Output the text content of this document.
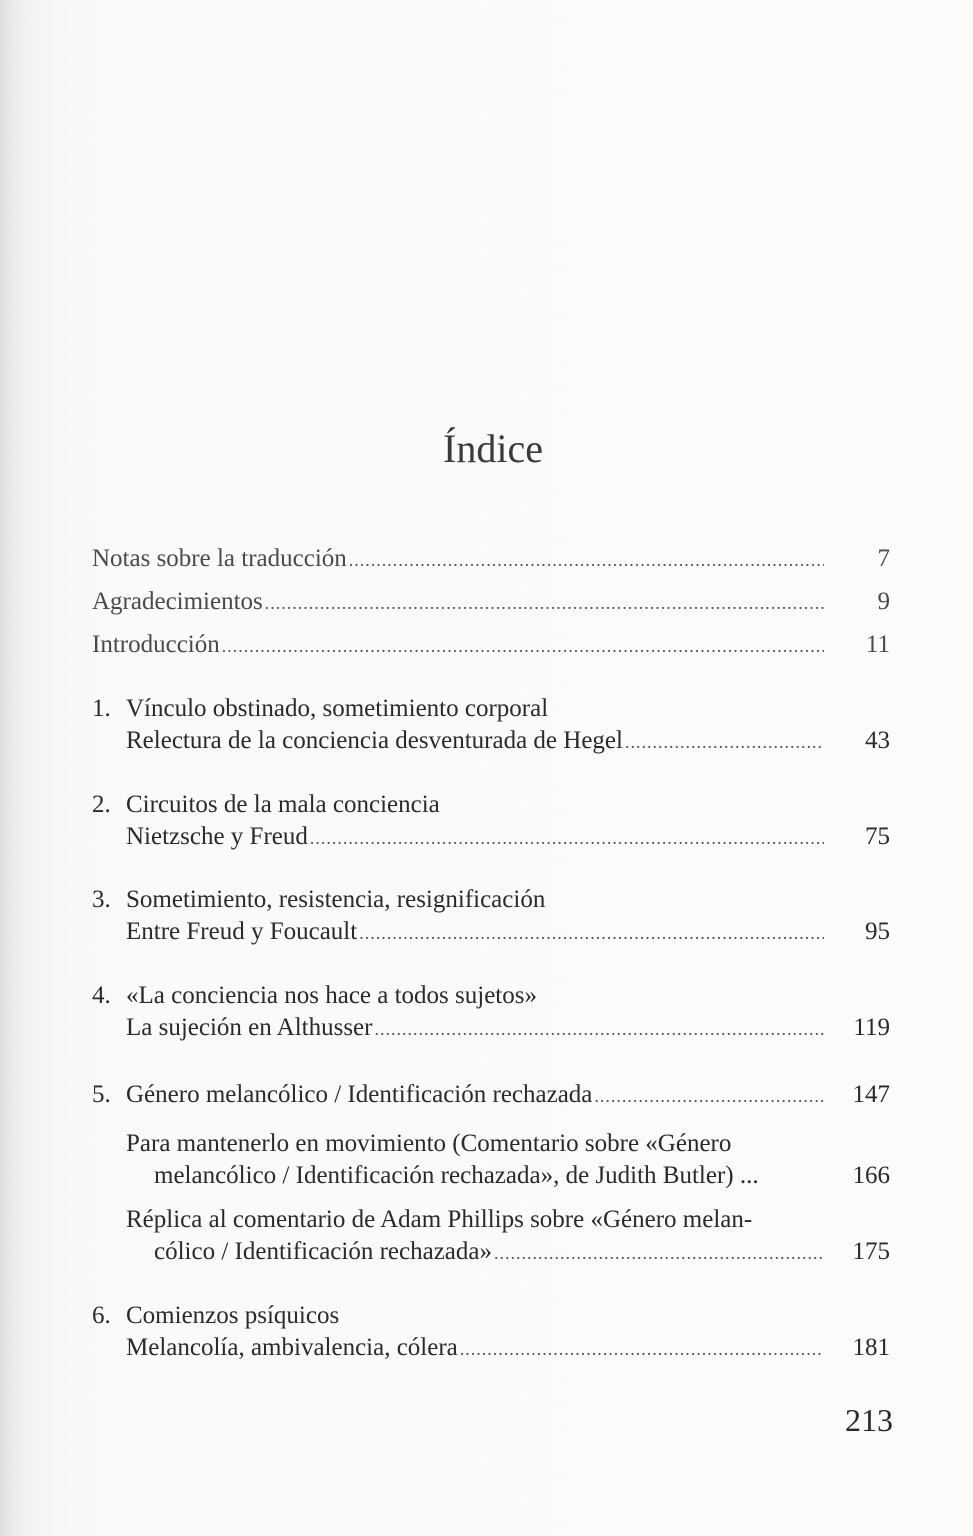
Índice
Notas sobre la traducción .....	7
Agradecimientos .....	9
Introducción .....	11
1. Vínculo obstinado, sometimiento corporal
Relectura de la conciencia desventurada de Hegel .....	43
2. Circuitos de la mala conciencia
Nietzsche y Freud .....	75
3. Sometimiento, resistencia, resignificación
Entre Freud y Foucault .....	95
4. «La conciencia nos hace a todos sujetos»
La sujeción en Althusser .....	119
5. Género melancólico / Identificación rechazada .....	147
Para mantenerlo en movimiento (Comentario sobre «Género
melancólico / Identificación rechazada», de Judith Butler) ...	166
Réplica al comentario de Adam Phillips sobre «Género melan-
cólico / Identificación rechazada» .....	175
6. Comienzos psíquicos
Melancolía, ambivalencia, cólera .....	181
213
